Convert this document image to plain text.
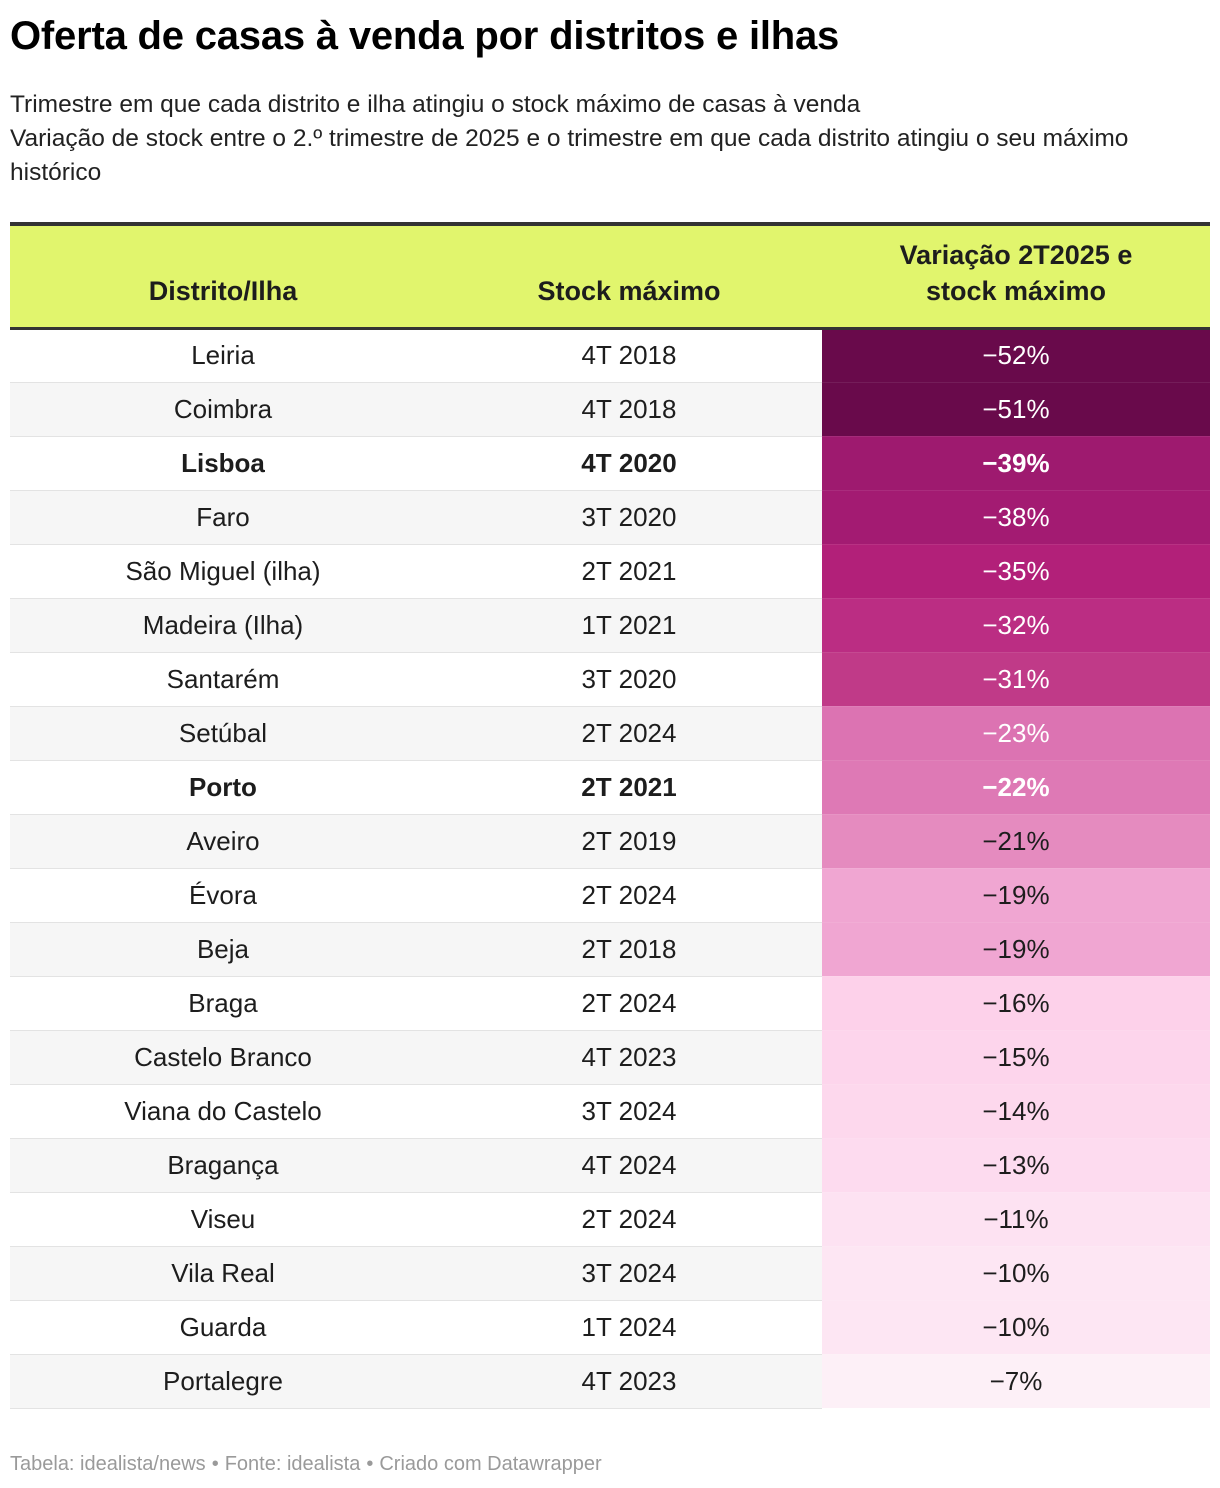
Oferta de casas à venda por distritos e ilhas
Trimestre em que cada distrito e ilha atingiu o stock máximo de casas à venda
Variação de stock entre o 2.º trimestre de 2025 e o trimestre em que cada distrito atingiu o seu máximo histórico
Distrito/Ilha	Stock máximo	Variação 2T2025 e
stock máximo
Leiria	4T 2018	−52%
Coimbra	4T 2018	−51%
Lisboa	4T 2020	−39%
Faro	3T 2020	−38%
São Miguel (ilha)	2T 2021	−35%
Madeira (Ilha)	1T 2021	−32%
Santarém	3T 2020	−31%
Setúbal	2T 2024	−23%
Porto	2T 2021	−22%
Aveiro	2T 2019	−21%
Évora	2T 2024	−19%
Beja	2T 2018	−19%
Braga	2T 2024	−16%
Castelo Branco	4T 2023	−15%
Viana do Castelo	3T 2024	−14%
Bragança	4T 2024	−13%
Viseu	2T 2024	−11%
Vila Real	3T 2024	−10%
Guarda	1T 2024	−10%
Portalegre	4T 2023	−7%
Tabela: idealista/news • Fonte: idealista • Criado com Datawrapper
